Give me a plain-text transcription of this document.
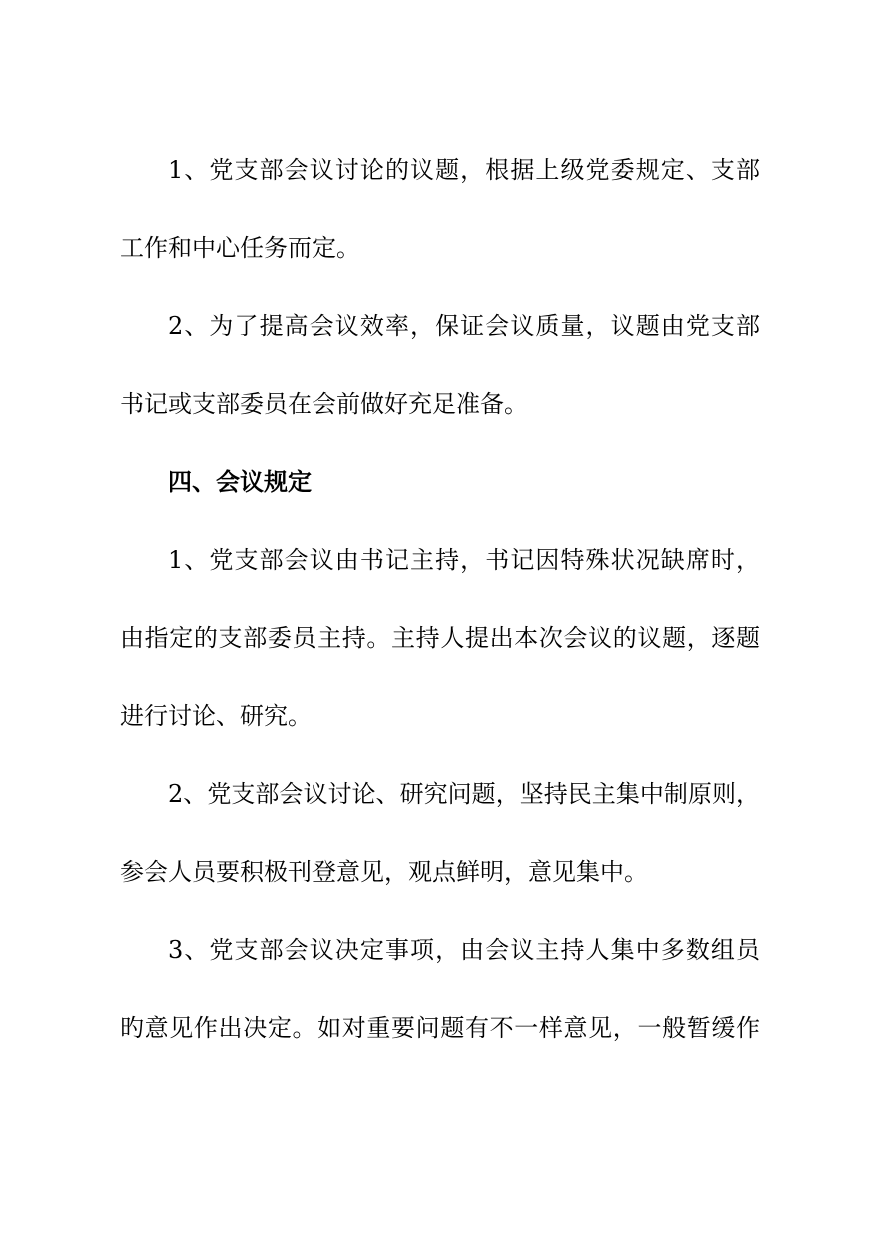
1、党支部会议讨论的议题，根据上级党委规定、支部
工作和中心任务而定。
2、为了提高会议效率，保证会议质量，议题由党支部
书记或支部委员在会前做好充足准备。
四、会议规定
1、党支部会议由书记主持，书记因特殊状况缺席时，
由指定的支部委员主持。主持人提出本次会议的议题，逐题
进行讨论、研究。
2、党支部会议讨论、研究问题，坚持民主集中制原则，
参会人员要积极刊登意见，观点鲜明，意见集中。
3、党支部会议决定事项，由会议主持人集中多数组员
旳意见作出决定。如对重要问题有不一样意见，一般暂缓作
